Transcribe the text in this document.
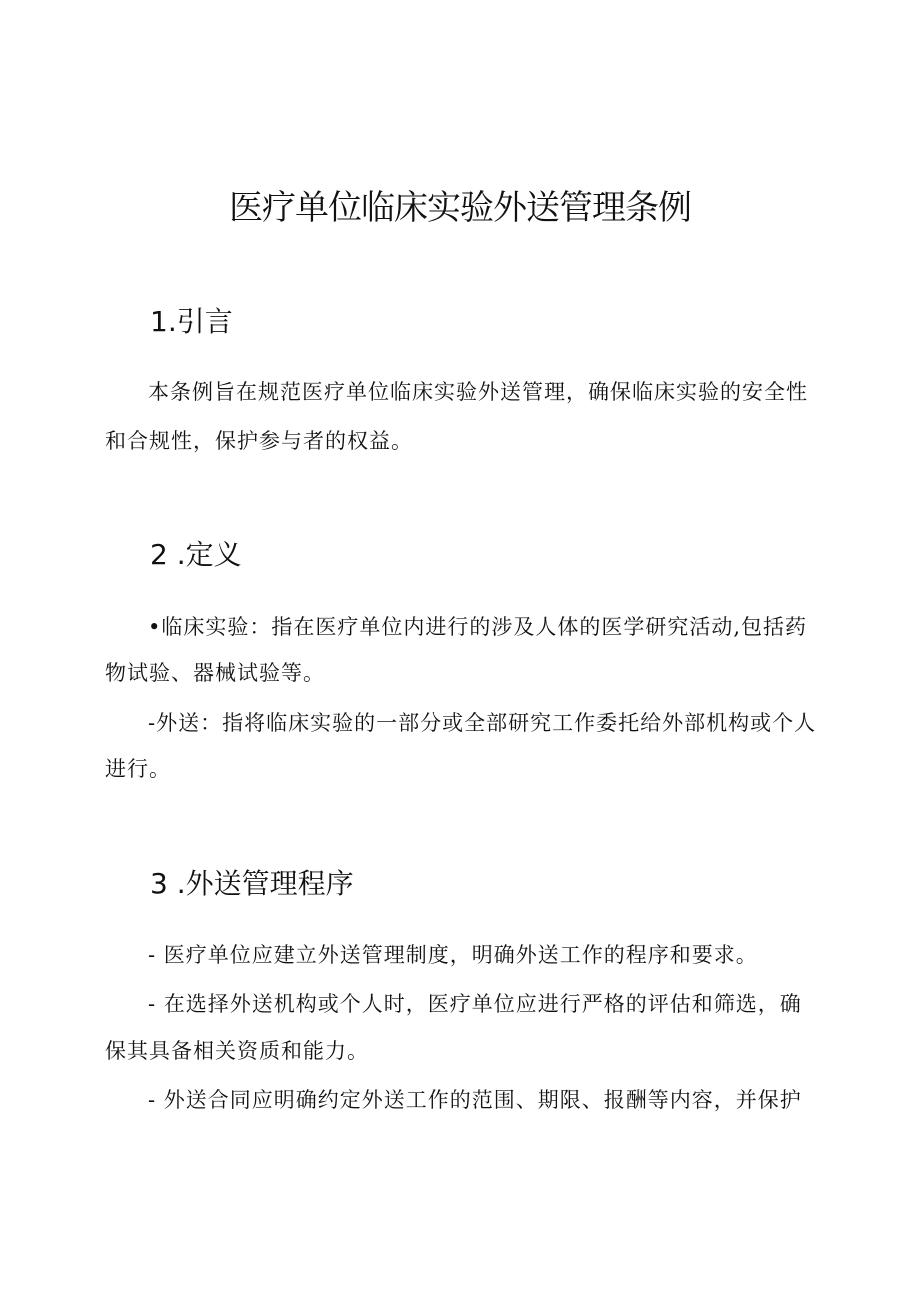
医疗单位临床实验外送管理条例
1.引言
本条例旨在规范医疗单位临床实验外送管理，确保临床实验的安全性
和合规性，保护参与者的权益。
2 .定义
•临床实验：指在医疗单位内进行的涉及人体的医学研究活动,包括药
物试验、器械试验等。
-外送：指将临床实验的一部分或全部研究工作委托给外部机构或个人
进行。
3 .外送管理程序
- 医疗单位应建立外送管理制度，明确外送工作的程序和要求。
- 在选择外送机构或个人时，医疗单位应进行严格的评估和筛选，确
保其具备相关资质和能力。
- 外送合同应明确约定外送工作的范围、期限、报酬等内容，并保护
